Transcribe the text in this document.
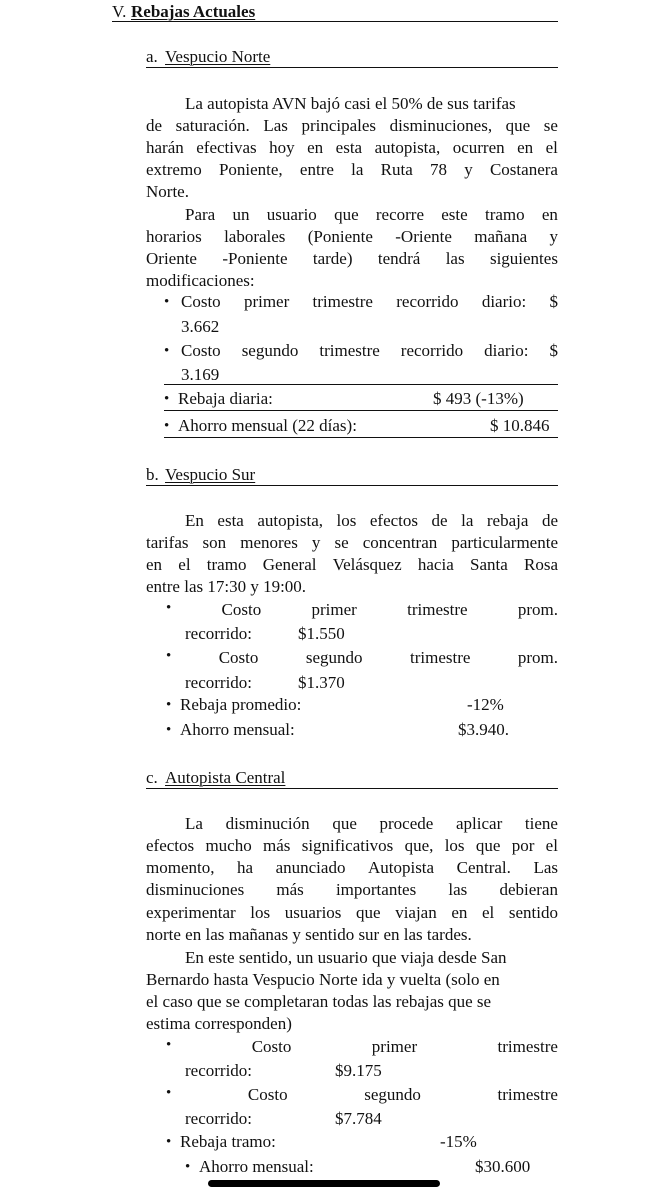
V. Rebajas Actuales
a. Vespucio Norte
La autopista AVN bajó casi el 50% de sus tarifas
de saturación. Las principales disminuciones, que se
harán efectivas hoy en esta autopista, ocurren en el
extremo Poniente, entre la Ruta 78 y Costanera
Norte.
Para un usuario que recorre este tramo en
horarios laborales (Poniente -Oriente mañana y
Oriente -Poniente tarde) tendrá las siguientes
modificaciones:
• Costo primer trimestre recorrido diario: $
3.662
• Costo segundo trimestre recorrido diario: $
3.169
• Rebaja diaria:	$ 493 (-13%)
• Ahorro mensual (22 días):	$ 10.846
b. Vespucio Sur
En esta autopista, los efectos de la rebaja de
tarifas son menores y se concentran particularmente
en el tramo General Velásquez hacia Santa Rosa
entre las 17:30 y 19:00.
•	Costo	primer	trimestre	prom.
recorrido:	$1.550
•	Costo	segundo	trimestre	prom.
recorrido:	$1.370
• Rebaja promedio:	-12%
• Ahorro mensual:	$3.940.
c. Autopista Central
La disminución que procede aplicar tiene
efectos mucho más significativos que, los que por el
momento, ha anunciado Autopista Central. Las
disminuciones más importantes las debieran
experimentar los usuarios que viajan en el sentido
norte en las mañanas y sentido sur en las tardes.
En este sentido, un usuario que viaja desde San
Bernardo hasta Vespucio Norte ida y vuelta (solo en
el caso que se completaran todas las rebajas que se
estima corresponden)
•	Costo	primer	trimestre
recorrido:	$9.175
•	Costo	segundo	trimestre
recorrido:	$7.784
• Rebaja tramo:	-15%
• Ahorro mensual:	$30.600
